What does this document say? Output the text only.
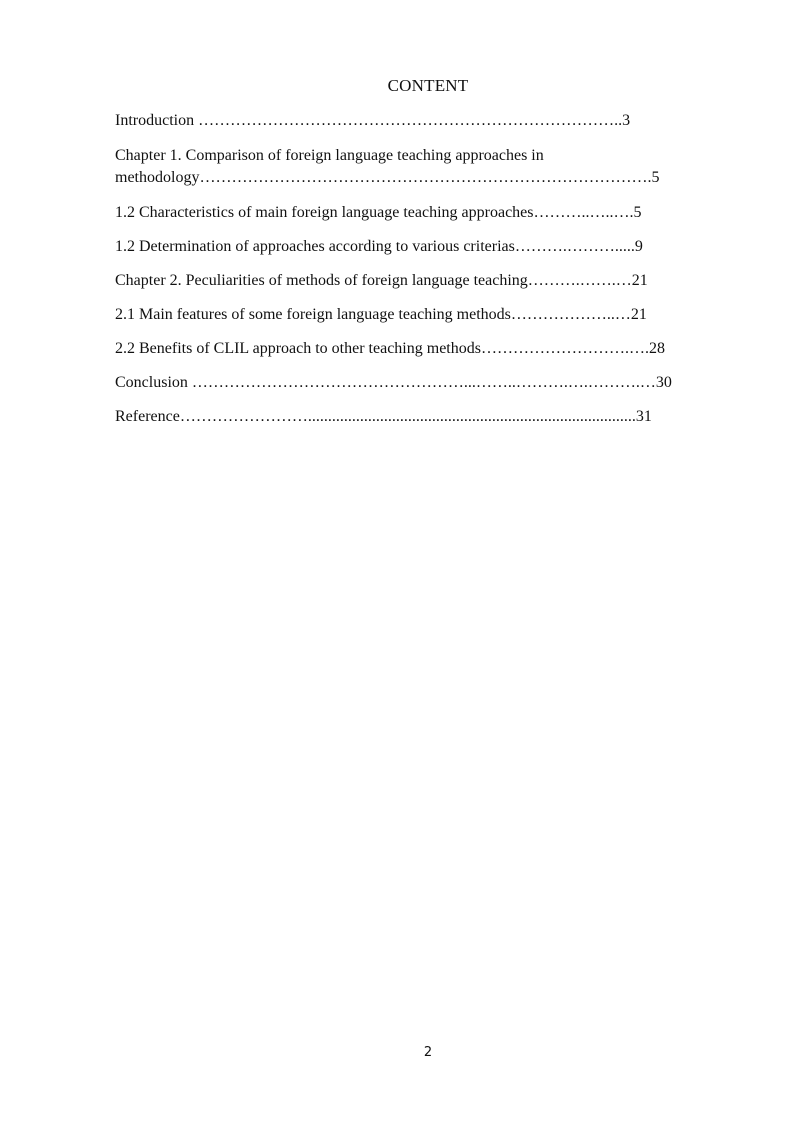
CONTENT
Introduction ……………………………………………………………………..3
Chapter 1. Comparison of foreign language teaching approaches in
methodology………………………………………………………………………….5
1.2 Characteristics of main foreign language teaching approaches………..…..….5
1.2 Determination of approaches according to various criterias……….……….....9
Chapter 2. Peculiarities of methods of foreign language teaching……….…….…21
2.1 Main features of some foreign language teaching methods………………..…21
2.2 Benefits of CLIL approach to other teaching methods……………………….….28
Conclusion ……………………………………………...……..……….….……….…30
Reference……………………..................................................................................31
2
